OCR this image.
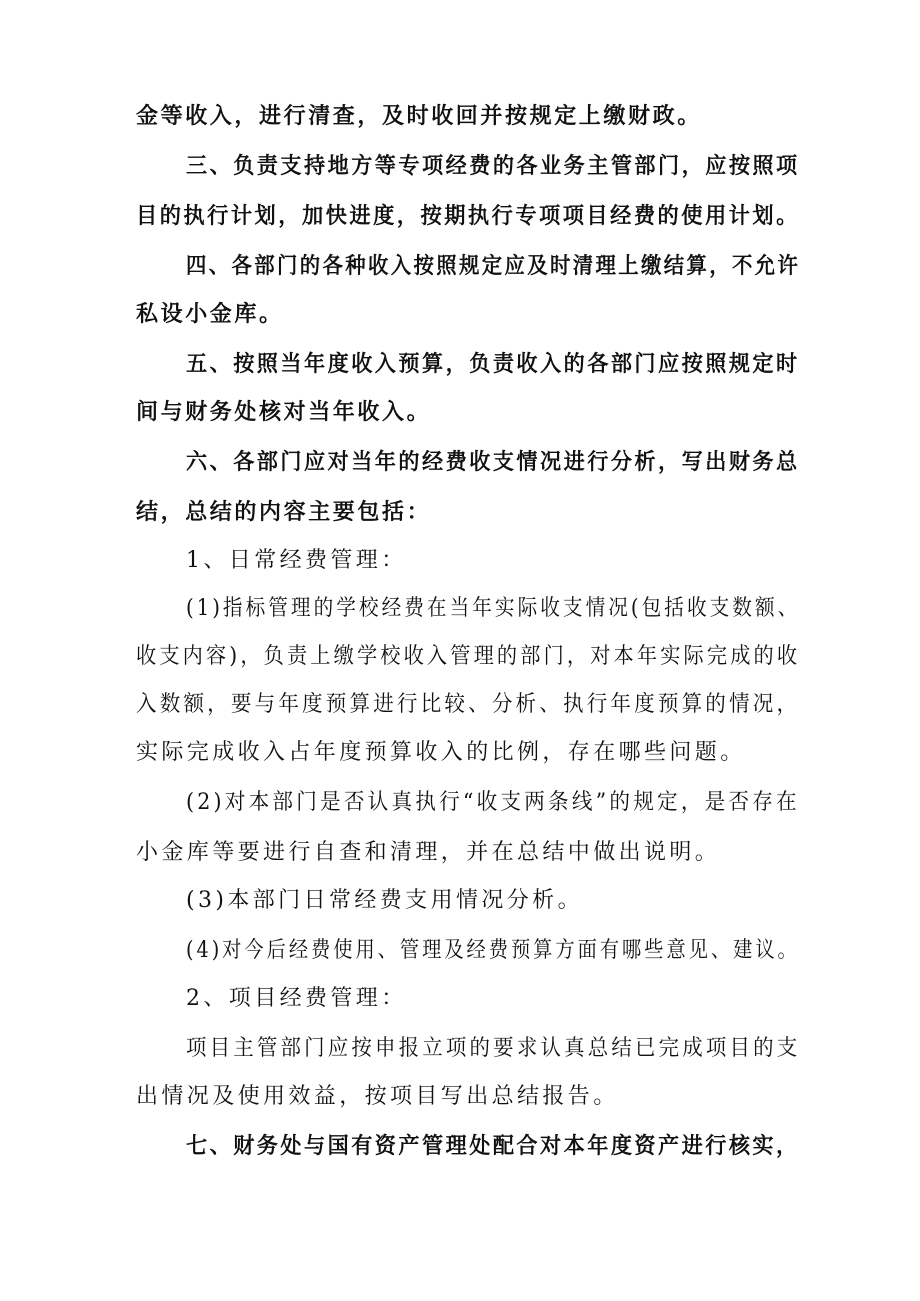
金等收入，进行清查，及时收回并按规定上缴财政。
三、负责支持地方等专项经费的各业务主管部门，应按照项
目的执行计划，加快进度，按期执行专项项目经费的使用计划。
四、各部门的各种收入按照规定应及时清理上缴结算，不允许
私设小金库。
五、按照当年度收入预算，负责收入的各部门应按照规定时
间与财务处核对当年收入。
六、各部门应对当年的经费收支情况进行分析，写出财务总
结，总结的内容主要包括：
1、日常经费管理：
(1)指标管理的学校经费在当年实际收支情况(包括收支数额、
收支内容)，负责上缴学校收入管理的部门，对本年实际完成的收
入数额，要与年度预算进行比较、分析、执行年度预算的情况，
实际完成收入占年度预算收入的比例，存在哪些问题。
(2)对本部门是否认真执行“收支两条线”的规定，是否存在
小金库等要进行自查和清理，并在总结中做出说明。
(3)本部门日常经费支用情况分析。
(4)对今后经费使用、管理及经费预算方面有哪些意见、建议。
2、项目经费管理：
项目主管部门应按申报立项的要求认真总结已完成项目的支
出情况及使用效益，按项目写出总结报告。
七、财务处与国有资产管理处配合对本年度资产进行核实，
